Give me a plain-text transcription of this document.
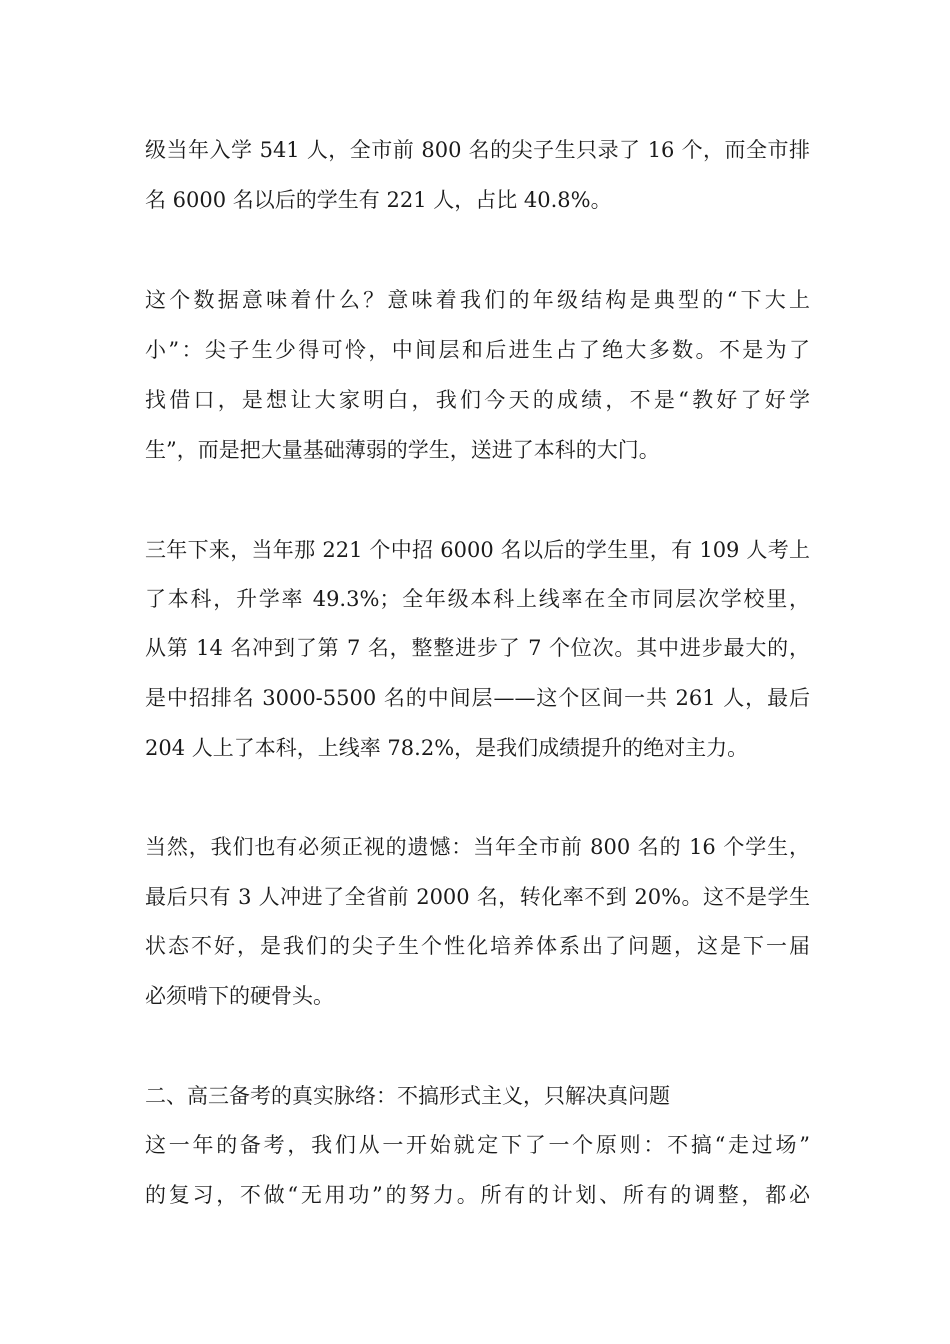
级当年入学 541 人，全市前 800 名的尖子生只录了 16 个，而全市排
名 6000 名以后的学生有 221 人，占比 40.8%。
这个数据意味着什么？意味着我们的年级结构是典型的“下大上
小”：尖子生少得可怜，中间层和后进生占了绝大多数。不是为了
找借口，是想让大家明白，我们今天的成绩，不是“教好了好学
生”，而是把大量基础薄弱的学生，送进了本科的大门。
三年下来，当年那 221 个中招 6000 名以后的学生里，有 109 人考上
了本科，升学率 49.3%；全年级本科上线率在全市同层次学校里，
从第 14 名冲到了第 7 名，整整进步了 7 个位次。其中进步最大的，
是中招排名 3000-5500 名的中间层——这个区间一共 261 人，最后
204 人上了本科，上线率 78.2%，是我们成绩提升的绝对主力。
当然，我们也有必须正视的遗憾：当年全市前 800 名的 16 个学生，
最后只有 3 人冲进了全省前 2000 名，转化率不到 20%。这不是学生
状态不好，是我们的尖子生个性化培养体系出了问题，这是下一届
必须啃下的硬骨头。
二、高三备考的真实脉络：不搞形式主义，只解决真问题
这一年的备考，我们从一开始就定下了一个原则：不搞“走过场”
的复习，不做“无用功”的努力。所有的计划、所有的调整，都必
